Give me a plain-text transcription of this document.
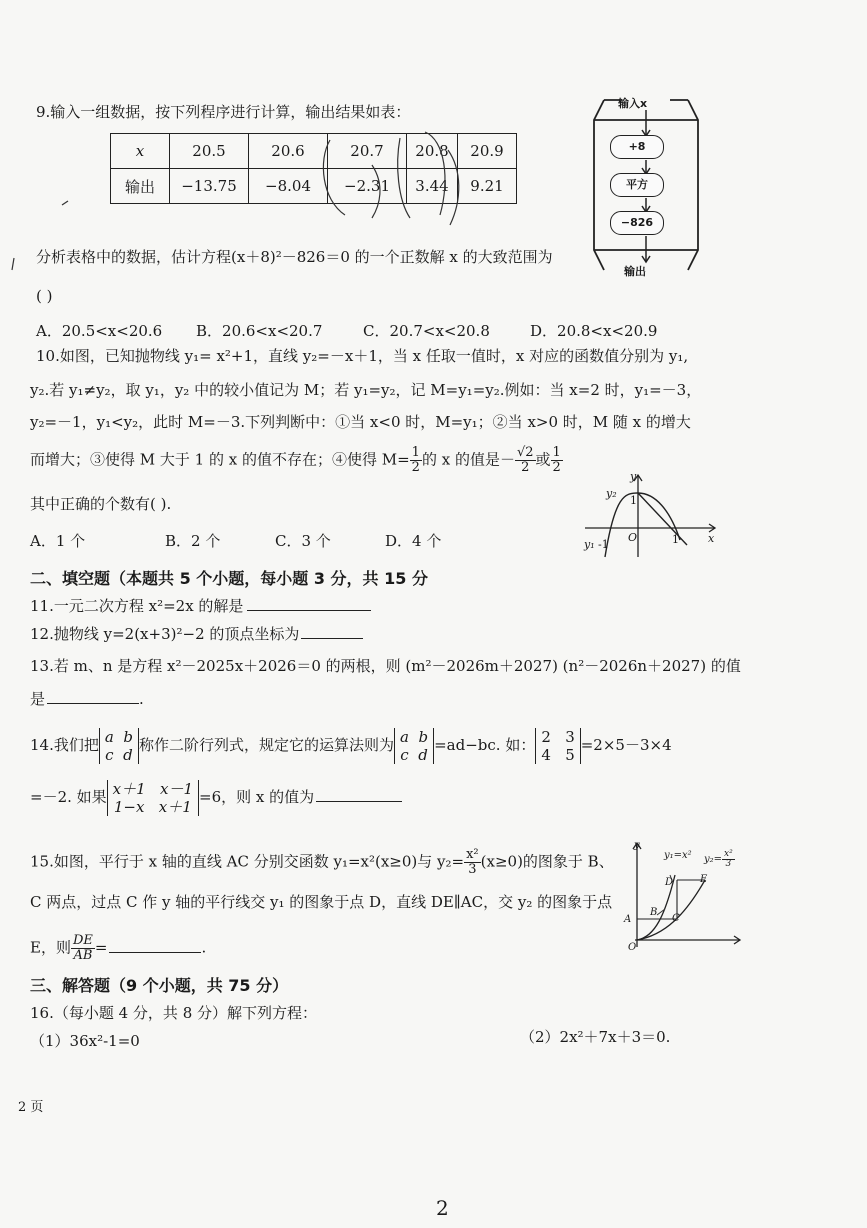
9.输入一组数据，按下列程序进行计算，输出结果如表：
x	20.5	20.6	20.7	20.8	20.9
输出	−13.75	−8.04	−2.31	3.44	9.21
输入x
+8
平方
−826
输出
分析表格中的数据，估计方程(x＋8)²－826＝0 的一个正数解 x 的大致范围为
( )
A．20.5<x<20.6 B．20.6<x<20.7	C．20.7<x<20.8	D．20.8<x<20.9
10.如图，已知抛物线 y₁= x²+1，直线 y₂=－x＋1，当 x 任取一值时，x 对应的函数值分别为 y₁,
y₂.若 y₁≠y₂，取 y₁，y₂ 中的较小值记为 M；若 y₁=y₂，记 M=y₁=y₂.例如：当 x=2 时，y₁=－3，
y₂=－1，y₁<y₂，此时 M=－3.下列判断中：①当 x<0 时，M=y₁；②当 x>0 时，M 随 x 的增大
而增大；③使得 M 大于 1 的 x 的值不存在；④使得 $M= \frac{1}{2}$ 的 x 的值是－ $\frac{√2}{2}$ 或 $\frac{1}{2}$
其中正确的个数有( ).
A．1 个	B．2 个	C．3 个	D．4 个
y
y₂
1
O	1	x
y₁ -1
二、填空题（本题共 5 个小题，每小题 3 分，共 15 分
11.一元二次方程 x²=2x 的解是
12.抛物线 y=2(x+3)²−2 的顶点坐标为
13.若 m、n 是方程 x²－2025x＋2026＝0 的两根，则 (m²－2026m＋2027) (n²－2026n＋2027) 的值
是	.
14.我们把 a b
c d称作二阶行列式，规定它的运算法则为 a b
c d=ad−bc. 如： 2 3
4 5=2×5－3×4
=－2. 如果 x＋1 x－1
1−x x＋1=6，则 x 的值为
15.如图，平行于 x 轴的直线 AC 分别交函数 y₁=x²(x≥0)与 $y_2= \frac{\text{x²}}{3} (x\ge 0)$的图象于 B、
C 两点，过点 C 作 y 轴的平行线交 y₁ 的图象于点 D，直线 DE∥AC，交 y₂ 的图象于点
E，则 $\frac{DE}{AB}$ =	.
y
y₁=x² $y_2= \frac{\text{x²}}{3}$
E
D
B
C
A
O
三、解答题（9 个小题，共 75 分）
16.（每小题 4 分，共 8 分）解下列方程：
（1）36x²-1=0	（2）2x²＋7x＋3＝0.
2 页
2
